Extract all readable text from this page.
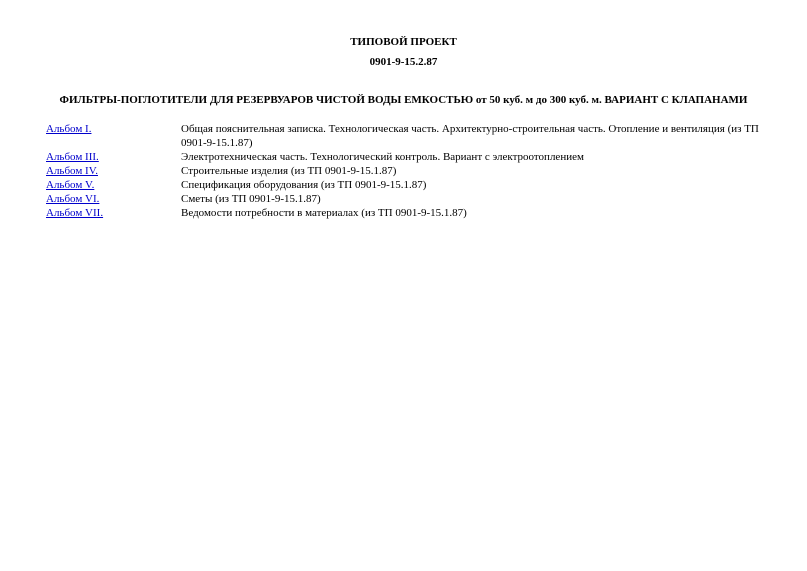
ТИПОВОЙ ПРОЕКТ
0901-9-15.2.87
ФИЛЬТРЫ-ПОГЛОТИТЕЛИ ДЛЯ РЕЗЕРВУАРОВ ЧИСТОЙ ВОДЫ ЕМКОСТЬЮ от 50 куб. м до 300 куб. м. ВАРИАНТ С КЛАПАНАМИ
Альбом I.	Общая пояснительная записка. Технологическая часть. Архитектурно-строительная часть. Отопление и вентиляция (из ТП 0901-9-15.1.87)
Альбом III.	Электротехническая часть. Технологический контроль. Вариант с электроотоплением
Альбом IV.	Строительные изделия (из ТП 0901-9-15.1.87)
Альбом V.	Спецификация оборудования (из ТП 0901-9-15.1.87)
Альбом VI.	Сметы (из ТП 0901-9-15.1.87)
Альбом VII.	Ведомости потребности в материалах (из ТП 0901-9-15.1.87)
